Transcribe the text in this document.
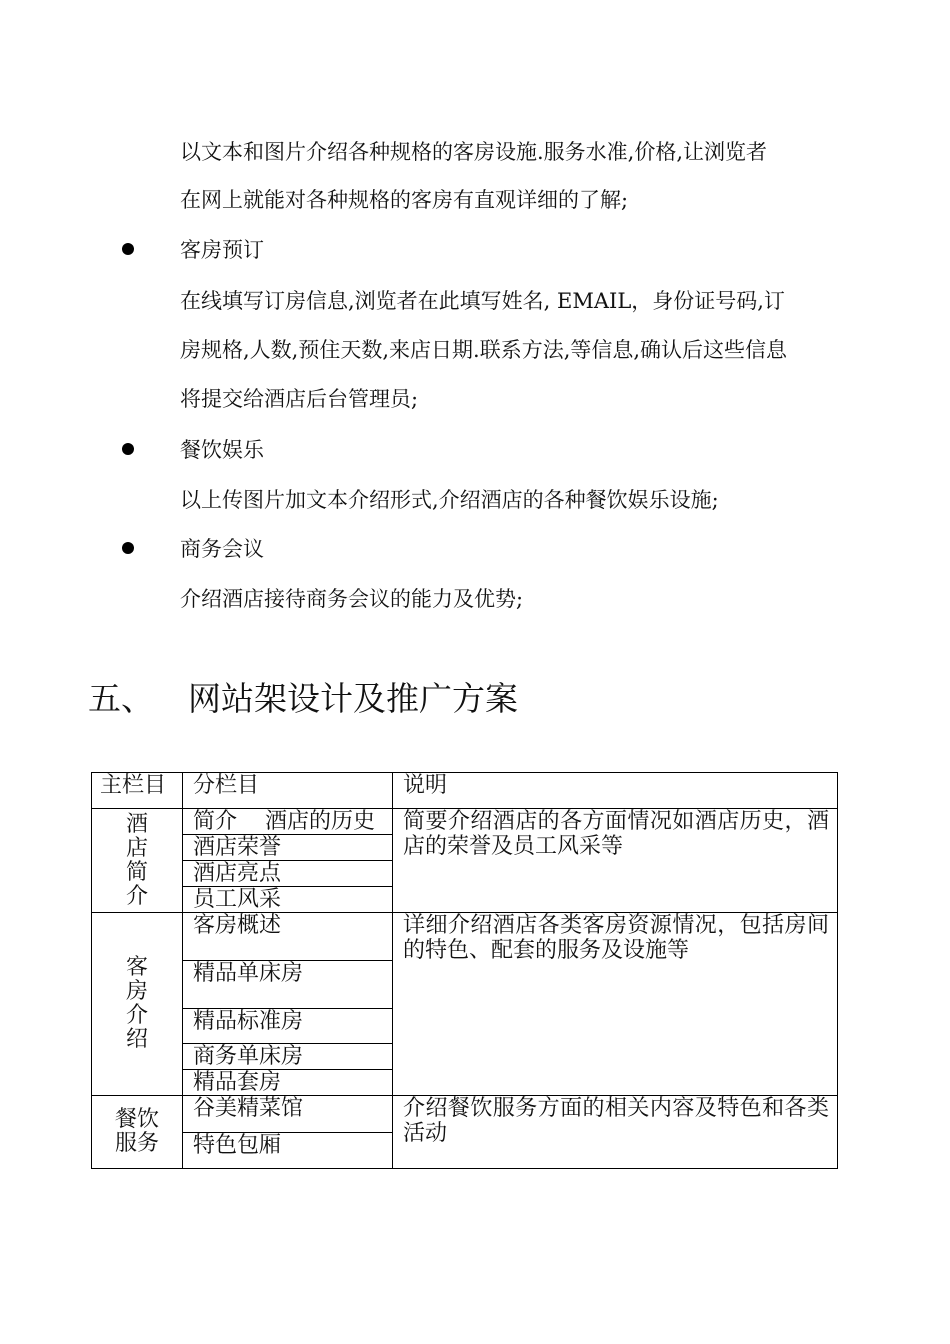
以文本和图片介绍各种规格的客房设施.服务水准,价格,让浏览者
在网上就能对各种规格的客房有直观详细的了解;
客房预订
在线填写订房信息,浏览者在此填写姓名, EMAIL，身份证号码,订
房规格,人数,预住天数,来店日期.联系方法,等信息,确认后这些信息
将提交给酒店后台管理员;
餐饮娱乐
以上传图片加文本介绍形式,介绍酒店的各种餐饮娱乐设施;
商务会议
介绍酒店接待商务会议的能力及优势;
五、 网站架设计及推广方案
主栏目	分栏目	说明
酒店简介	简介    酒店的历史	简要介绍酒店的各方面情况如酒店历史，酒店的荣誉及员工风采等
	酒店荣誉	
	酒店亮点	
	员工风采	
客房介绍	客房概述	详细介绍酒店各类客房资源情况，包括房间的特色、配套的服务及设施等
	精品单床房	
	精品标准房	
	商务单床房	
	精品套房	
餐饮服务	谷美精菜馆	介绍餐饮服务方面的相关内容及特色和各类活动
	特色包厢	
